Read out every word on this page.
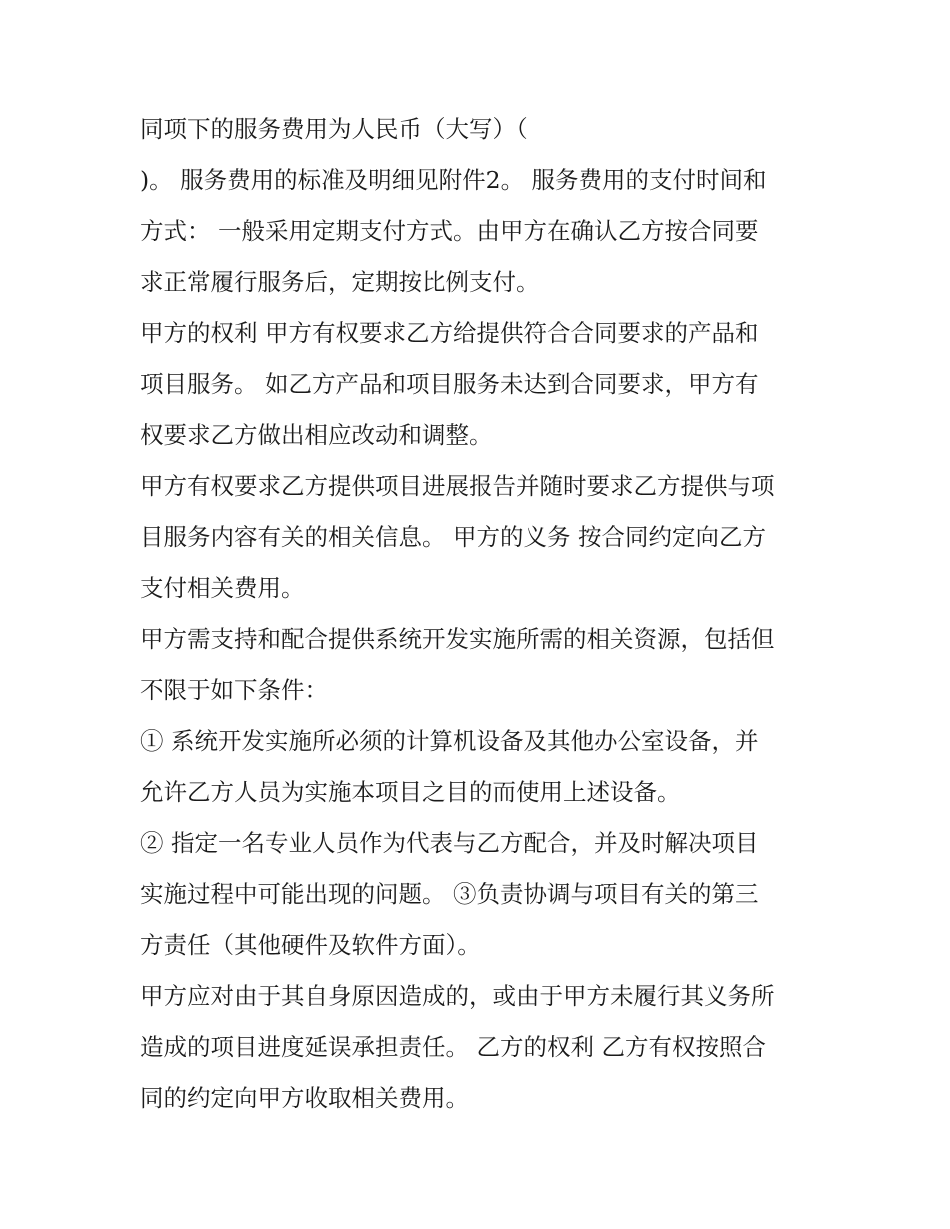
同项下的服务费用为人民币（大写）（
)。 服务费用的标准及明细见附件2。 服务费用的支付时间和
方式： 一般采用定期支付方式。由甲方在确认乙方按合同要
求正常履行服务后，定期按比例支付。
甲方的权利 甲方有权要求乙方给提供符合合同要求的产品和
项目服务。 如乙方产品和项目服务未达到合同要求，甲方有
权要求乙方做出相应改动和调整。
甲方有权要求乙方提供项目进展报告并随时要求乙方提供与项
目服务内容有关的相关信息。 甲方的义务 按合同约定向乙方
支付相关费用。
甲方需支持和配合提供系统开发实施所需的相关资源，包括但
不限于如下条件：
① 系统开发实施所必须的计算机设备及其他办公室设备，并
允许乙方人员为实施本项目之目的而使用上述设备。
② 指定一名专业人员作为代表与乙方配合，并及时解决项目
实施过程中可能出现的问题。 ③负责协调与项目有关的第三
方责任（其他硬件及软件方面）。
甲方应对由于其自身原因造成的，或由于甲方未履行其义务所
造成的项目进度延误承担责任。 乙方的权利 乙方有权按照合
同的约定向甲方收取相关费用。
